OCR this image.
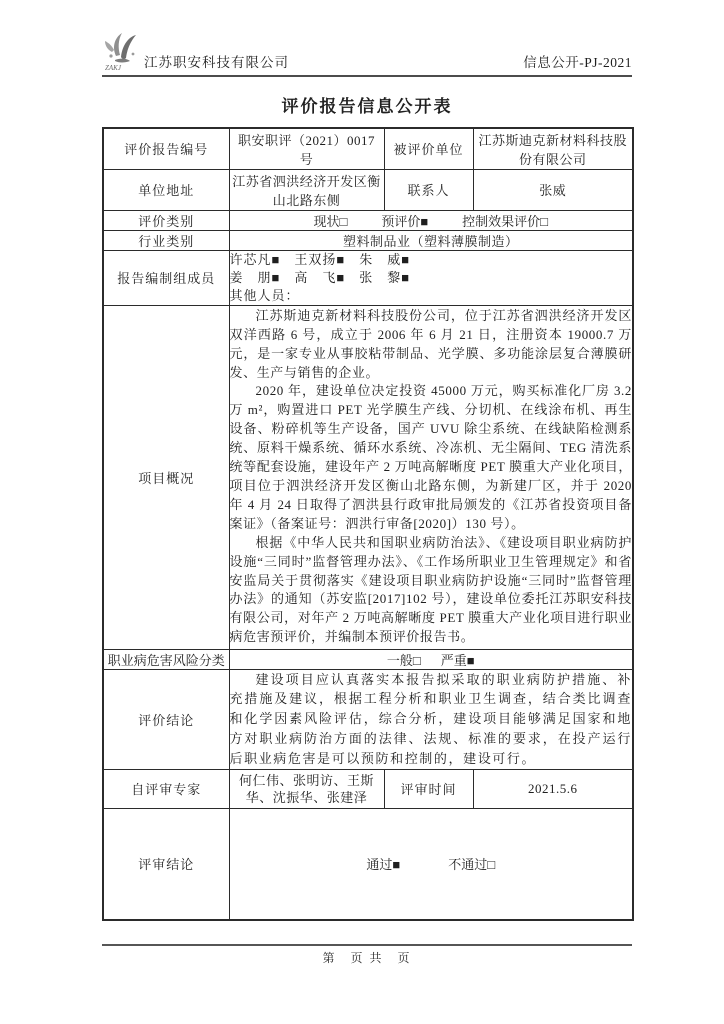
ZAKJ 江苏职安科技有限公司	信息公开-PJ-2021
评价报告信息公开表
评价报告编号	职安职评（2021）0017 号	被评价单位	江苏斯迪克新材料科技股份有限公司
单位地址	江苏省泗洪经济开发区衡山北路东侧	联系人	张威
评价类别	现状□ 预评价■ 控制效果评价□		

行业类别	塑料制品业（塑料薄膜制造）		
报告编制组成员	许芯凡■　王双扬■　朱　威■
姜　朋■　高　飞■　张　黎■
其他人员：		

项目概况	江苏斯迪克新材料科技股份公司，位于江苏省泗洪经济开发区双洋西路 6 号，成立于 2006 年 6 月 21 日，注册资本 19000.7 万元，是一家专业从事胶粘带制品、光学膜、多功能涂层复合薄膜研发、生产与销售的企业。

2020 年，建设单位决定投资 45000 万元，购买标准化厂房 3.2 万 m²，购置进口 PET 光学膜生产线、分切机、在线涂布机、再生设备、粉碎机等生产设备，国产 UVU 除尘系统、在线缺陷检测系统、原料干燥系统、循环水系统、冷冻机、无尘隔间、TEG 清洗系统等配套设施，建设年产 2 万吨高解晰度 PET 膜重大产业化项目，项目位于泗洪经济开发区衡山北路东侧，为新建厂区，并于 2020 年 4 月 24 日取得了泗洪县行政审批局颁发的《江苏省投资项目备案证》（备案证号：泗洪行审备[2020]）130 号）。

根据《中华人民共和国职业病防治法》、《建设项目职业病防护设施“三同时”监督管理办法》、《工作场所职业卫生管理规定》和省安监局关于贯彻落实《建设项目职业病防护设施“三同时”监督管理办法》的通知（苏安监[2017]102 号），建设单位委托江苏职安科技有限公司，对年产 2 万吨高解晰度 PET 膜重大产业化项目进行职业病危害预评价，并编制本预评价报告书。		

职业病危害风险分类	一般□ 严重■		

评价结论	建设项目应认真落实本报告拟采取的职业病防护措施、补充措施及建议，根据工程分析和职业卫生调查，结合类比调查和化学因素风险评估，综合分析，建设项目能够满足国家和地方对职业病防治方面的法律、法规、标准的要求，在投产运行后职业病危害是可以预防和控制的，建设可行。		

自评审专家	何仁伟、张明访、王斯华、沈振华、张建泽	评审时间	2021.5.6
评审结论	通过■ 不通过□		
第　页 共　页
